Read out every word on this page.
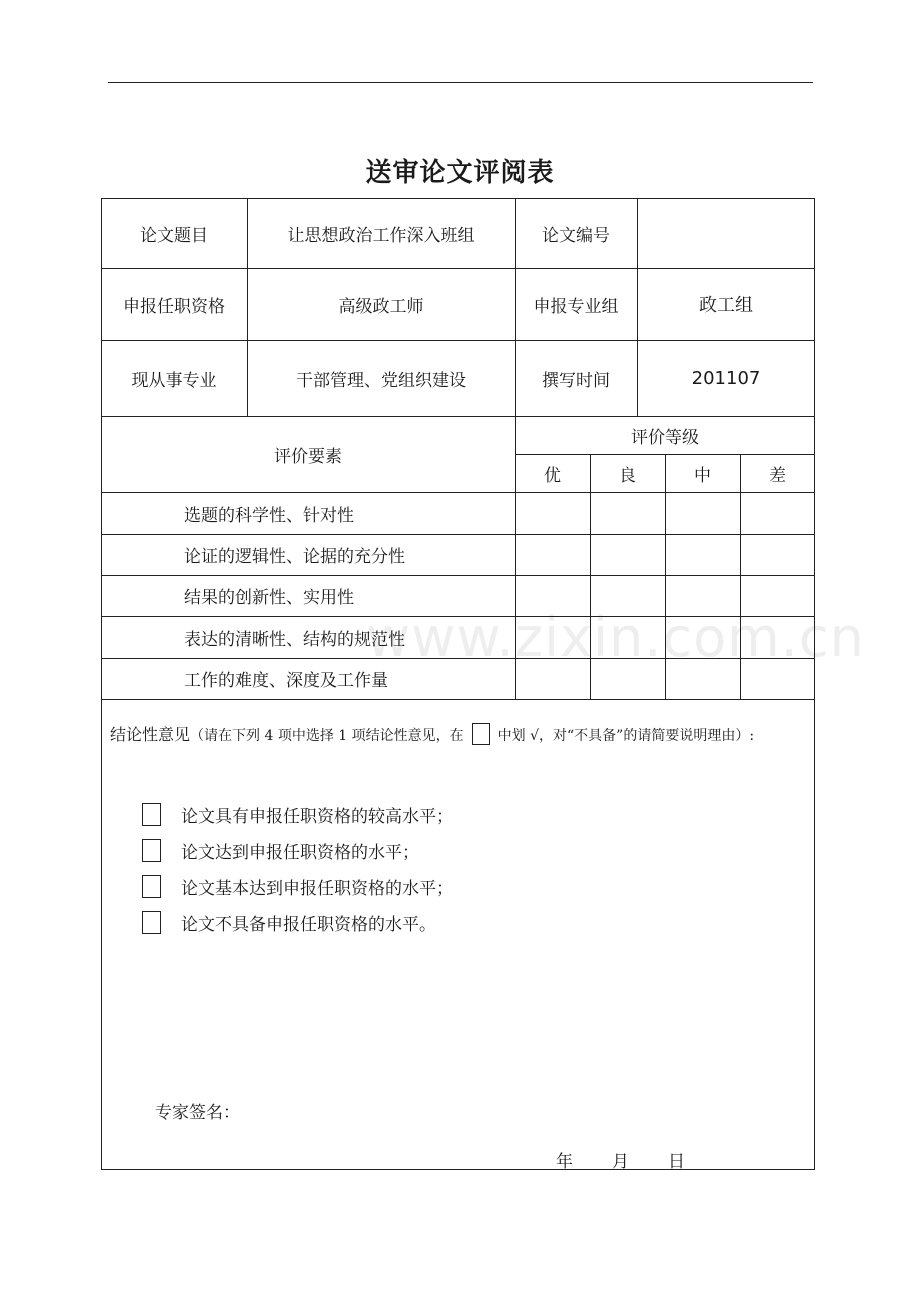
送审论文评阅表
www.zixin.com.cn
论文题目	让思想政治工作深入班组	论文编号
申报任职资格	高级政工师	申报专业组	政工组
现从事专业	干部管理、党组织建设	撰写时间	201107
评价要素
评价等级
优	良	中	差
选题的科学性、针对性
论证的逻辑性、论据的充分性
结果的创新性、实用性
表达的清晰性、结构的规范性
工作的难度、深度及工作量
结论性意见（请在下列 4 项中选择 1 项结论性意见，在 中划 √，对“不具备”的请简要说明理由）:
论文具有申报任职资格的较高水平；
论文达到申报任职资格的水平；
论文基本达到申报任职资格的水平；
论文不具备申报任职资格的水平。
专家签名：
年 月 日
